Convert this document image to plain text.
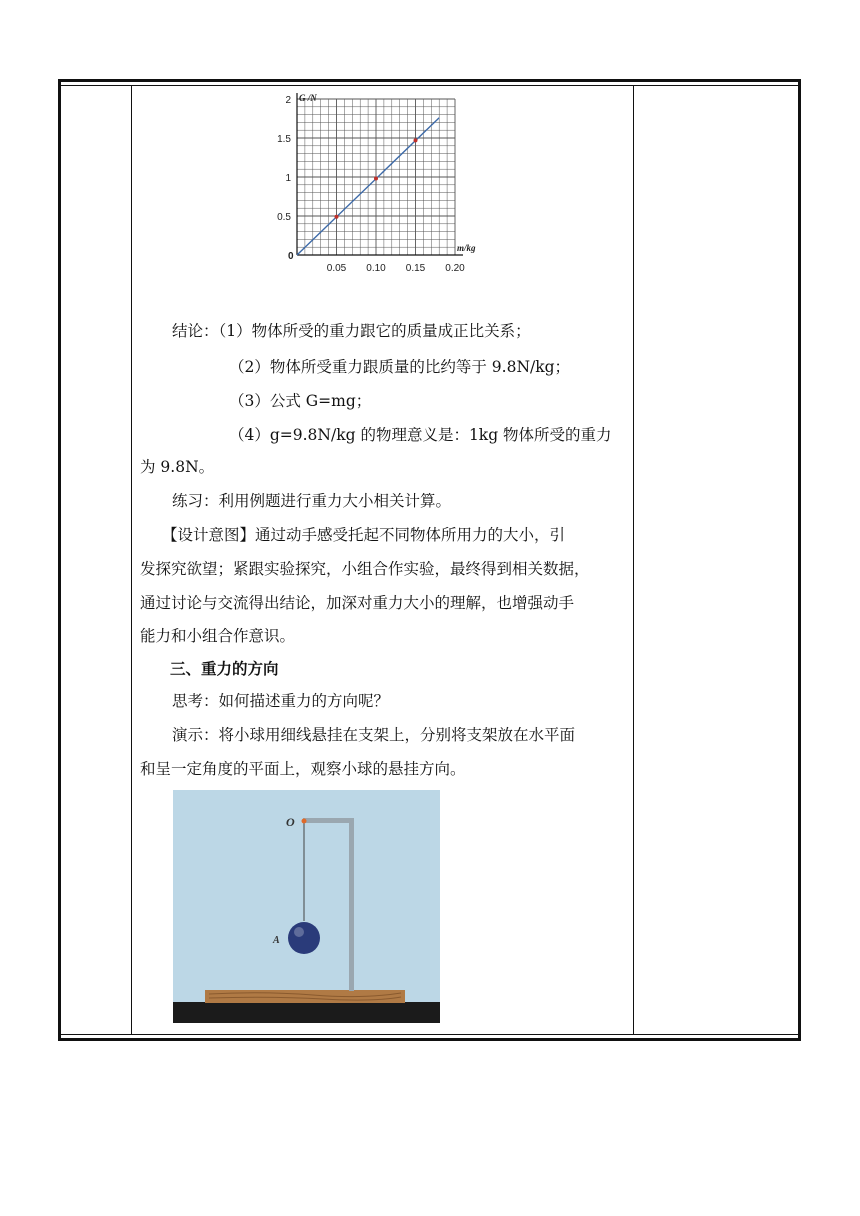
0.05 0.10 0.15 0.20
0.5
1
1.5
2 G /N
m/kg
0
结论：（1）物体所受的重力跟它的质量成正比关系；
（2）物体所受重力跟质量的比约等于 9.8N/kg；
（3）公式 G=mg；
（4）g=9.8N/kg 的物理意义是：1kg 物体所受的重力
为 9.8N。
练习：利用例题进行重力大小相关计算。
【设计意图】通过动手感受托起不同物体所用力的大小，引
发探究欲望；紧跟实验探究，小组合作实验，最终得到相关数据，
通过讨论与交流得出结论，加深对重力大小的理解，也增强动手
能力和小组合作意识。
三、重力的方向
思考：如何描述重力的方向呢？
演示：将小球用细线悬挂在支架上，分别将支架放在水平面
和呈一定角度的平面上，观察小球的悬挂方向。
O
A
